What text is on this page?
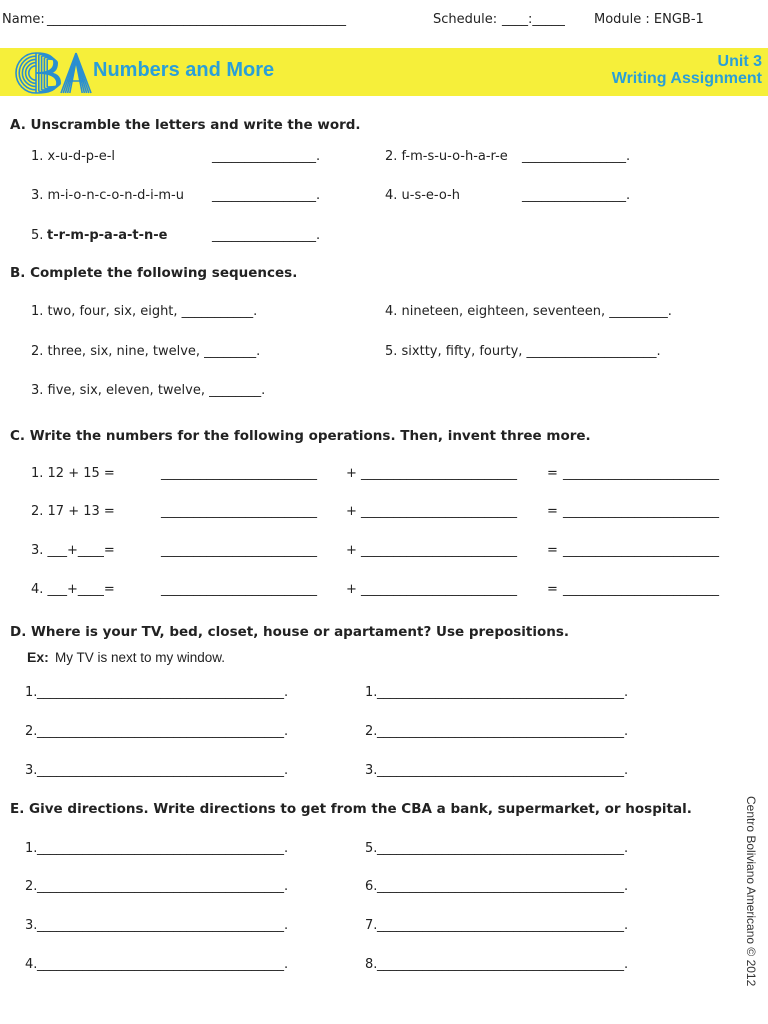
Name: ______________________________________________	Schedule: ____:_____ Module : ENGB-1
Numbers and More	Unit 3
Writing Assignment
A. Unscramble the letters and write the word.
1. x-u-d-p-e-l	________________.	2. f-m-s-u-o-h-a-r-e ________________.
3. m-i-o-n-c-o-n-d-i-m-u ________________.	4. u-s-e-o-h	________________.
5. t-r-m-p-a-a-t-n-e	________________.
B. Complete the following sequences.
1. two, four, six, eight, ___________.	4. nineteen, eighteen, seventeen, _________.
2. three, six, nine, twelve, ________.	5. sixtty, fifty, fourty, ____________________.
3. five, six, eleven, twelve, ________.
C. Write the numbers for the following operations. Then, invent three more.
1. 12 + 15 =	________________________ + ________________________ = ________________________
2. 17 + 13 =	________________________ + ________________________ = ________________________
3. ___+____=	________________________ + ________________________ = ________________________
4. ___+____=	________________________ + ________________________ = ________________________
D. Where is your TV, bed, closet, house or apartament? Use prepositions.
Ex: My TV is next to my window.
1. ______________________________________.	1. ______________________________________.
2. ______________________________________.	2. ______________________________________.
3. ______________________________________.	3. ______________________________________.
E. Give directions. Write directions to get from the CBA a bank, supermarket, or hospital.
1. ______________________________________.	5. ______________________________________.
2. ______________________________________.	6. ______________________________________.
3. ______________________________________.	7. ______________________________________.
4. ______________________________________.	8. ______________________________________.	Centro Boliviano Americano © 2012
